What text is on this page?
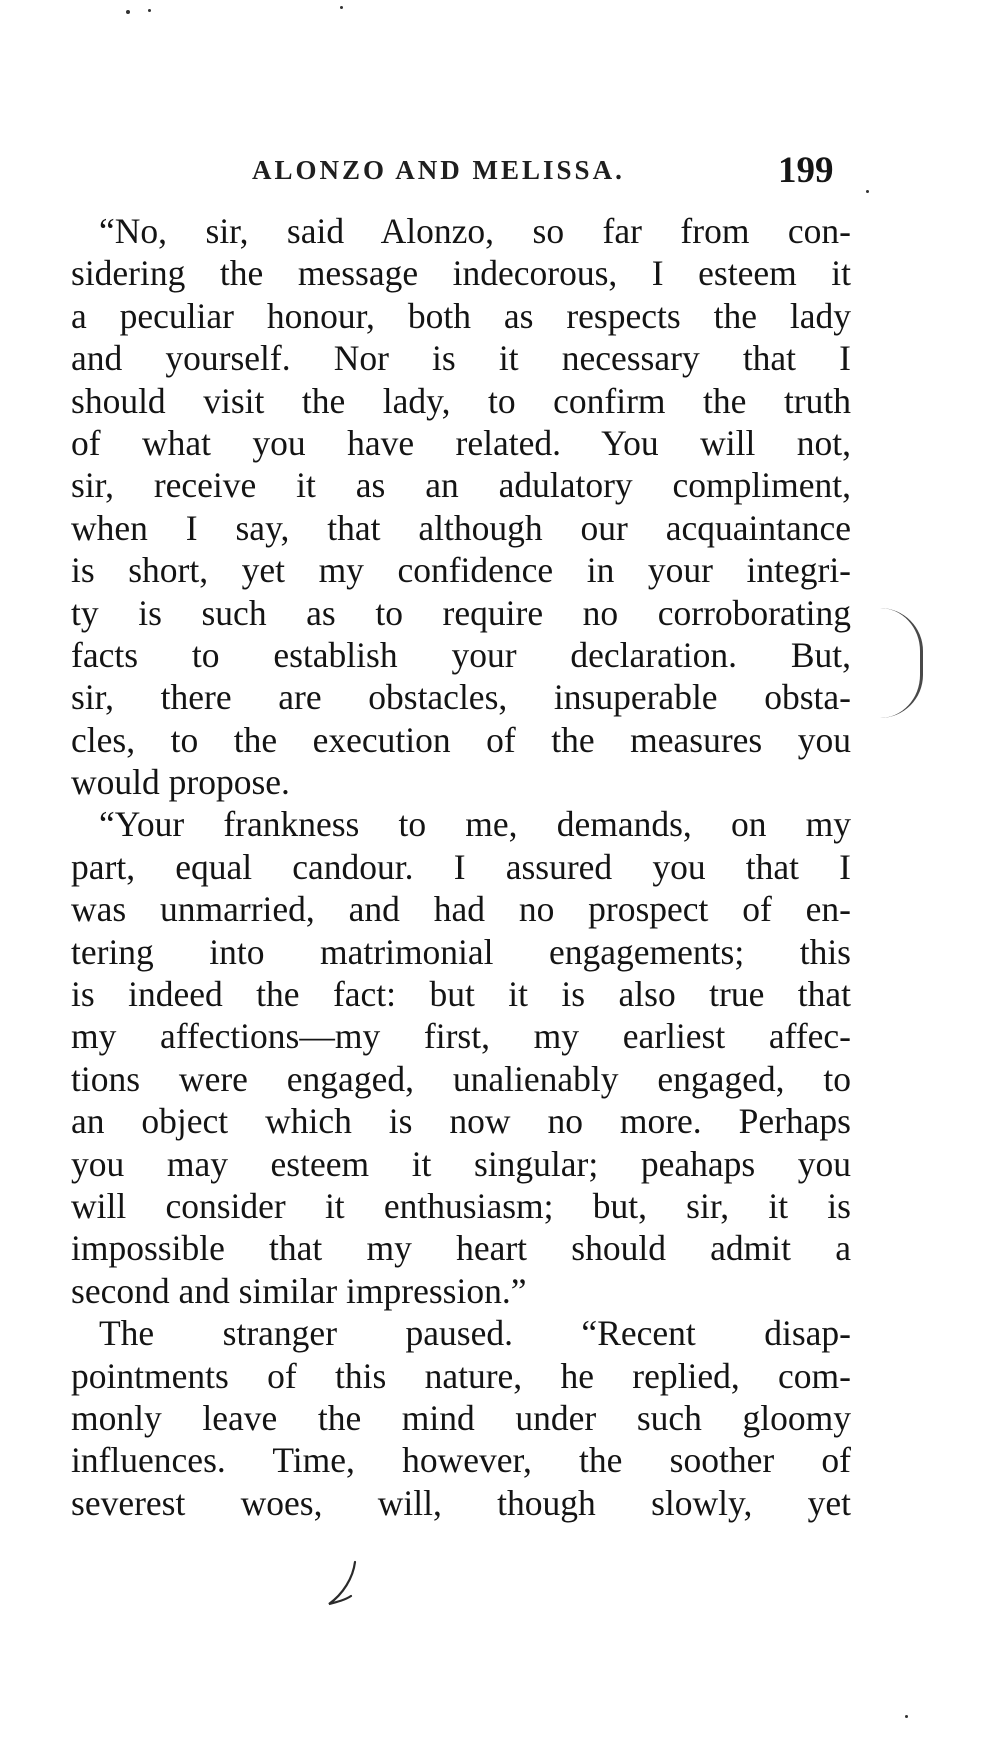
ALONZO AND MELISSA.	199
“No, sir, said Alonzo, so far from con-
sidering the message indecorous, I esteem it
a peculiar honour, both as respects the lady
and yourself. Nor is it necessary that I
should visit the lady, to confirm the truth
of what you have related. You will not,
sir, receive it as an adulatory compliment,
when I say, that although our acquaintance
is short, yet my confidence in your integri-
ty is such as to require no corroborating
facts to establish your declaration. But,
sir, there are obstacles, insuperable obsta-
cles, to the execution of the measures you
would propose.
“Your frankness to me, demands, on my
part, equal candour. I assured you that I
was unmarried, and had no prospect of en-
tering into matrimonial engagements; this
is indeed the fact: but it is also true that
my affections—my first, my earliest affec-
tions were engaged, unalienably engaged, to
an object which is now no more. Perhaps
you may esteem it singular; peahaps you
will consider it enthusiasm; but, sir, it is
impossible that my heart should admit a
second and similar impression.”
The stranger paused. “Recent disap-
pointments of this nature, he replied, com-
monly leave the mind under such gloomy
influences. Time, however, the soother of
severest woes, will, though slowly, yet
